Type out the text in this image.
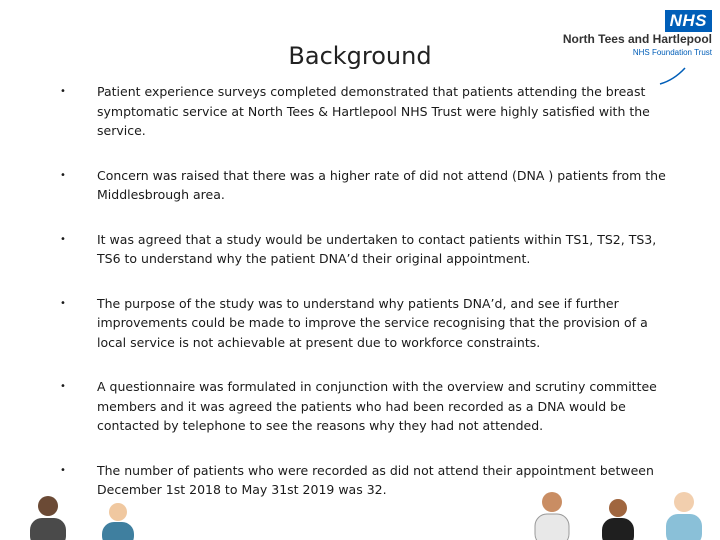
Background
NHS
North Tees and Hartlepool
NHS Foundation Trust
• Patient experience surveys completed demonstrated that patients attending the breast symptomatic service at North Tees & Hartlepool NHS Trust were highly satisfied with the service.
• Concern was raised that there was a higher rate of did not attend (DNA ) patients from the Middlesbrough area.
• It was agreed that a study would be undertaken to contact patients within TS1, TS2, TS3, TS6 to understand why the patient DNA’d their original appointment.
• The purpose of the study was to understand why patients DNA’d, and see if further improvements could be made to improve the service recognising that the provision of a local service is not achievable at present due to workforce constraints.
• A questionnaire was formulated in conjunction with the overview and scrutiny committee members and it was agreed the patients who had been recorded as a DNA would be contacted by telephone to see the reasons why they had not attended.
• The number of patients who were recorded as did not attend their appointment between December 1st 2018 to May 31st 2019 was 32.
